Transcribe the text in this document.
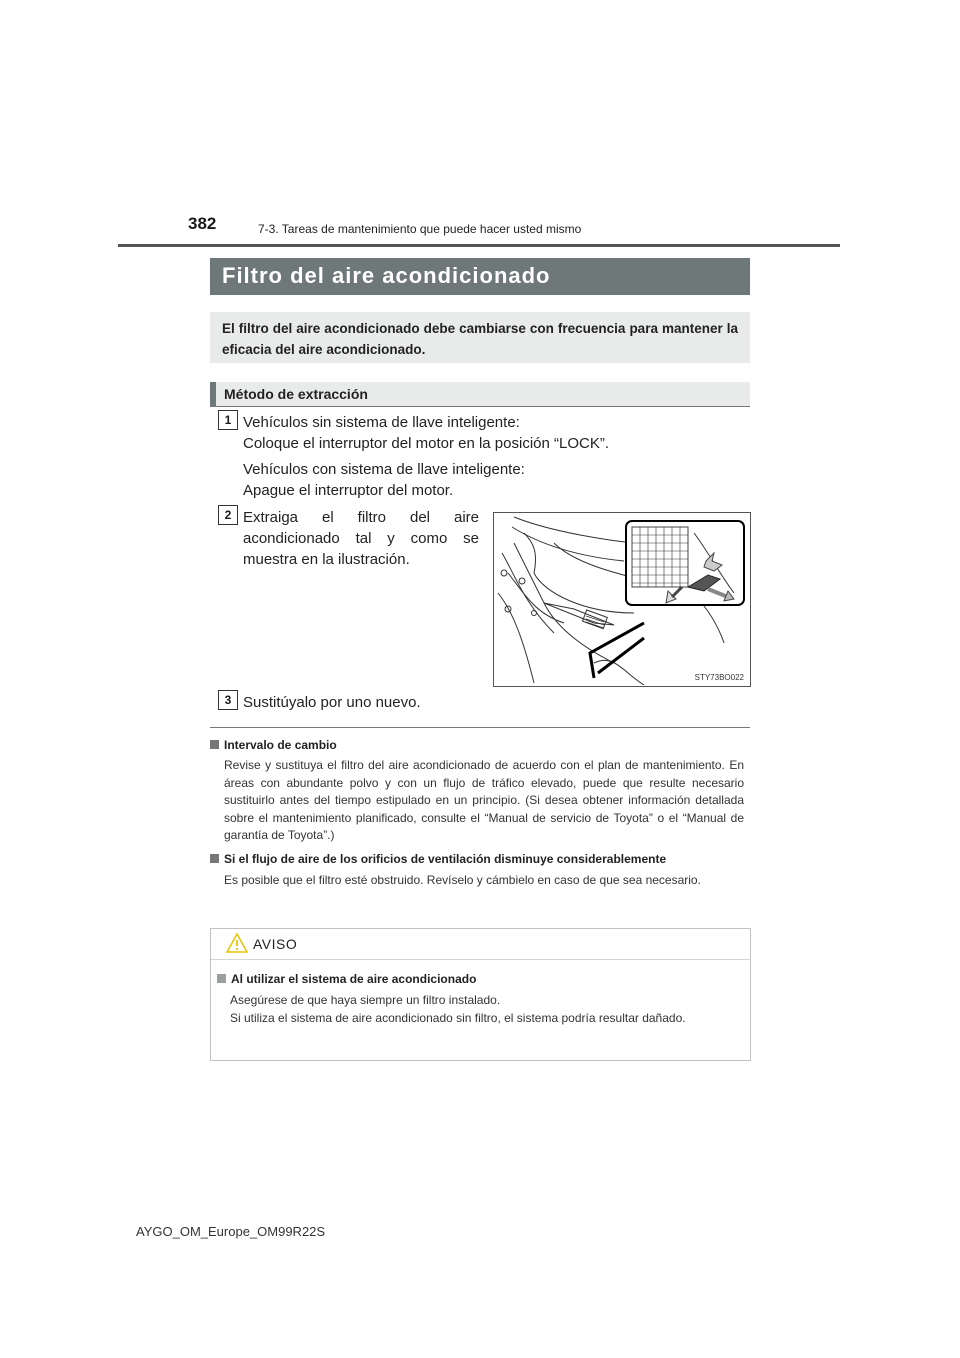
382	7-3. Tareas de mantenimiento que puede hacer usted mismo
Filtro del aire acondicionado
El filtro del aire acondicionado debe cambiarse con frecuencia para mantener la eficacia del aire acondicionado.
Método de extracción
1 Vehículos sin sistema de llave inteligente:
Coloque el interruptor del motor en la posición “LOCK”.
Vehículos con sistema de llave inteligente:
Apague el interruptor del motor.
2 Extraiga el filtro del aire acondicionado tal y como se muestra en la ilustración.
STY73BO022
3 Sustitúyalo por uno nuevo.
Intervalo de cambio
Revise y sustituya el filtro del aire acondicionado de acuerdo con el plan de mantenimiento. En áreas con abundante polvo y con un flujo de tráfico elevado, puede que resulte necesario sustituirlo antes del tiempo estipulado en un principio. (Si desea obtener información detallada sobre el mantenimiento planificado, consulte el “Manual de servicio de Toyota” o el “Manual de garantía de Toyota”.)
Si el flujo de aire de los orificios de ventilación disminuye considerablemente
Es posible que el filtro esté obstruido. Revíselo y cámbielo en caso de que sea necesario.
AVISO
Al utilizar el sistema de aire acondicionado
Asegúrese de que haya siempre un filtro instalado.
Si utiliza el sistema de aire acondicionado sin filtro, el sistema podría resultar dañado.
AYGO_OM_Europe_OM99R22S
